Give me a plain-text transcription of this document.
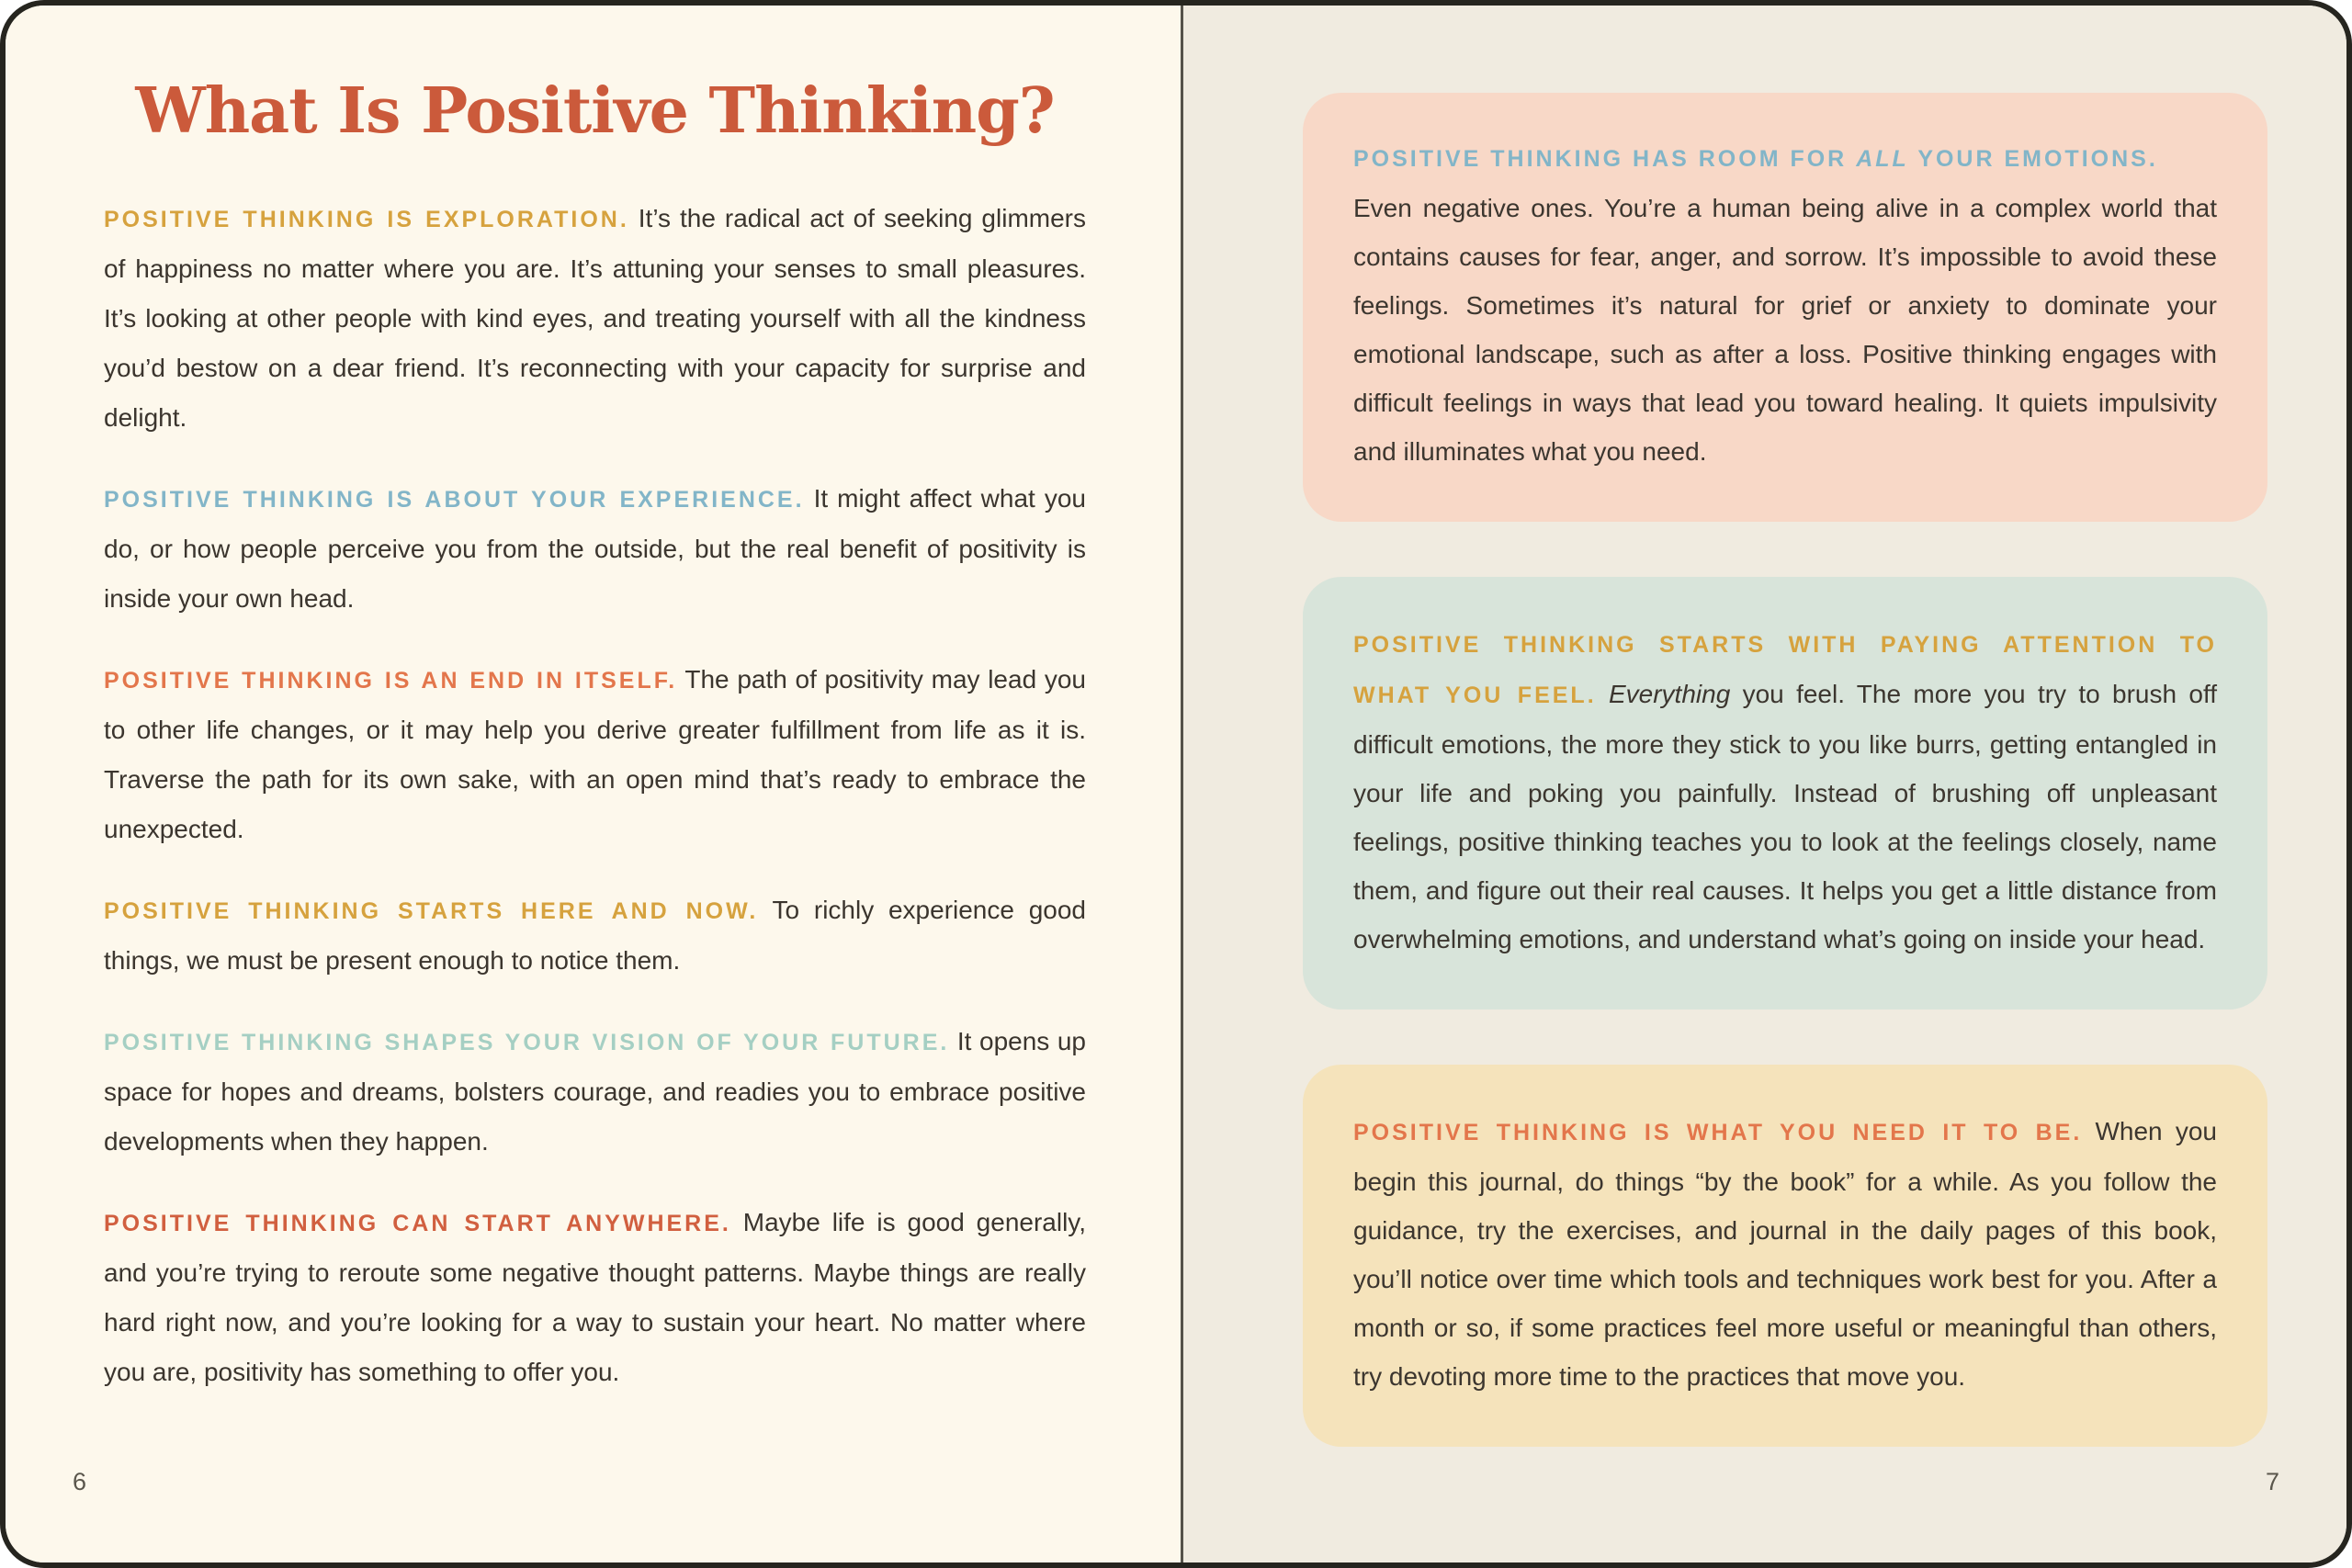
What Is Positive Thinking?

POSITIVE THINKING IS EXPLORATION. It’s the radical act of seeking glimmers of happiness no matter where you are. It’s attuning your senses to small pleasures. It’s looking at other people with kind eyes, and treating yourself with all the kindness you’d bestow on a dear friend. It’s reconnecting with your capacity for surprise and delight.

POSITIVE THINKING IS ABOUT YOUR EXPERIENCE. It might affect what you do, or how people perceive you from the outside, but the real benefit of positivity is inside your own head.

POSITIVE THINKING IS AN END IN ITSELF. The path of positivity may lead you to other life changes, or it may help you derive greater fulfillment from life as it is. Traverse the path for its own sake, with an open mind that’s ready to embrace the unexpected.

POSITIVE THINKING STARTS HERE AND NOW. To richly experience good things, we must be present enough to notice them.

POSITIVE THINKING SHAPES YOUR VISION OF YOUR FUTURE. It opens up space for hopes and dreams, bolsters courage, and readies you to embrace positive developments when they happen.

POSITIVE THINKING CAN START ANYWHERE. Maybe life is good generally, and you’re trying to reroute some negative thought patterns. Maybe things are really hard right now, and you’re looking for a way to sustain your heart. No matter where you are, positivity has something to offer you.

6
POSITIVE THINKING HAS ROOM FOR ALL YOUR EMOTIONS.
Even negative ones. You’re a human being alive in a complex world that contains causes for fear, anger, and sorrow. It’s impossible to avoid these feelings. Sometimes it’s natural for grief or anxiety to dominate your emotional landscape, such as after a loss. Positive thinking engages with difficult feelings in ways that lead you toward healing. It quiets impulsivity and illuminates what you need.
POSITIVE THINKING STARTS WITH PAYING ATTENTION TO WHAT YOU FEEL. Everything you feel. The more you try to brush off difficult emotions, the more they stick to you like burrs, getting entangled in your life and poking you painfully. Instead of brushing off unpleasant feelings, positive thinking teaches you to look at the feelings closely, name them, and figure out their real causes. It helps you get a little distance from overwhelming emotions, and understand what’s going on inside your head.
POSITIVE THINKING IS WHAT YOU NEED IT TO BE. When you begin this journal, do things “by the book” for a while. As you follow the guidance, try the exercises, and journal in the daily pages of this book, you’ll notice over time which tools and techniques work best for you. After a month or so, if some practices feel more useful or meaningful than others, try devoting more time to the practices that move you.
7
